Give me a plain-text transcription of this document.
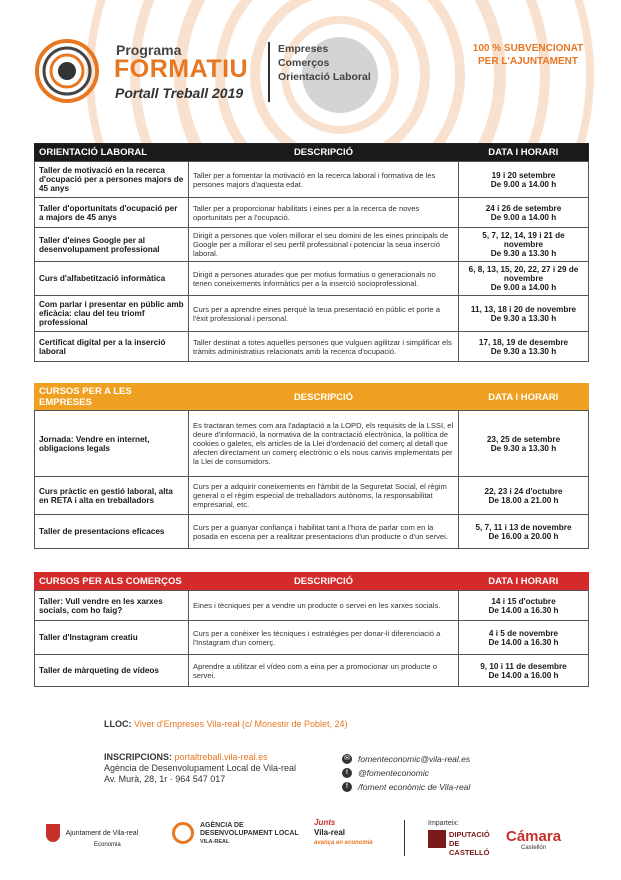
Programa
FORMATIU
Portall Treball 2019
Empreses
Comerços
Orientació Laboral
100 % SUBVENCIONAT
PER L'AJUNTAMENT
ORIENTACIÓ LABORAL	DESCRIPCIÓ	DATA I HORARI
Taller de motivació en la recerca d'ocupació per a persones majors de 45 anys	Taller per a fomentar la motivació en la recerca laboral i formativa de les persones majors d'aquesta edat.	19 i 20 setembre
De 9.00 a 14.00 h

Taller d'oportunitats d'ocupació per a majors de 45 anys	Taller per a proporcionar habilitats i eines per a la recerca de noves oportunitats per a l'ocupació.	24 i 26 de setembre
De 9.00 a 14.00 h

Taller d'eines Google per al desenvolupament professional	Dirigit a persones que volen millorar el seu domini de les eines principals de Google per a millorar el seu perfil professional i potenciar la seua inserció laboral.	5, 7, 12, 14, 19 i 21 de novembre
De 9.30 a 13.30 h

Curs d'alfabetització informàtica	Dirigit a persones aturades que per motius formatius o generacionals no tenen coneixements informàtics per a la inserció socioprofessional.	6, 8, 13, 15, 20, 22, 27 i 29 de novembre
De 9.00 a 14.00 h

Com parlar i presentar en públic amb eficàcia: clau del teu triomf professional	Curs per a aprendre eines perquè la teua presentació en públic et porte a l'èxit professional i personal.	11, 13, 18 i 20 de novembre
De 9.30 a 13.30 h

Certificat digital per a la inserció laboral	Taller destinat a totes aquelles persones que vulguen agilitzar i simplificar els tràmits administratius relacionats amb la recerca d'ocupació.	17, 18, 19 de desembre
De 9.30 a 13.30 h
CURSOS PER A LES EMPRESES	DESCRIPCIÓ	DATA I HORARI
Jornada: Vendre en internet, obligacions legals	Es tractaran temes com ara l'adaptació a la LOPD, els requisits de la LSSI, el deure d'informació, la normativa de la contractació electrònica, la política de cookies o galetes, els articles de la Llei d'ordenació del comerç al detall que afecten directament un comerç electrònic o els nous canvis implementats per la Llei de consumidors.	23, 25 de setembre
De 9.30 a 13.30 h

Curs pràctic en gestió laboral, alta en RETA i alta en treballadors	Curs per a adquirir coneixements en l'àmbit de la Seguretat Social, el règim general o el règim especial de treballadors autònoms, la responsabilitat empresarial, etc.	22, 23 i 24 d'octubre
De 18.00 a 21.00 h

Taller de presentacions eficaces	Curs per a guanyar confiança i habilitat tant a l'hora de parlar com en la posada en escena per a realitzar presentacions d'un producte o d'un servei.	5, 7, 11 i 13 de novembre
De 16.00 a 20.00 h
CURSOS PER ALS COMERÇOS	DESCRIPCIÓ	DATA I HORARI
Taller: Vull vendre en les xarxes socials, com ho faig?	Eines i tècniques per a vendre un producte o servei en les xarxes socials.	14 i 15 d'octubre
De 14.00 a 16.30 h

Taller d'Instagram creatiu	Curs per a conèixer les tècniques i estratègies per donar-li diferenciació a l'Instagram d'un comerç.	4 i 5 de novembre
De 14.00 a 16.30 h

Taller de màrqueting de vídeos	Aprendre a utilitzar el vídeo com a eina per a promocionar un producte o servei.	9, 10 i 11 de desembre
De 14.00 a 16.00 h
LLOC: Viver d'Empreses Vila-real (c/ Monestir de Poblet, 24)
INSCRIPCIONS: portaltreball.vila-real.es
Agència de Desenvolupament Local de Vila-real
Av. Murà, 28, 1r · 964 547 017
✉ fomenteconomic@vila-real.es
t	@fomenteconomic
f	/foment econòmic de Vila-real
Ajuntament de Vila-real
Economia
AGÈNCIA DE
DESENVOLUPAMENT LOCAL
VILA-REAL
Junts
Vila-real
avança en economia
Imparteix:
DIPUTACIÓ DE CASTELLÓ
Cámara
Castellón
